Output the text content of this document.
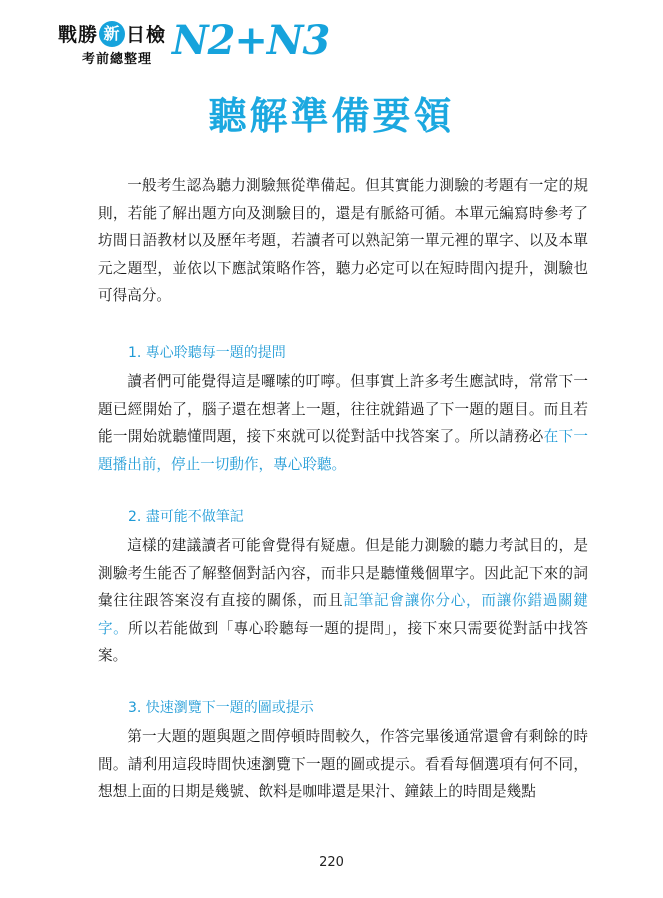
戰勝 新 日檢
考前總整理 N2+N3
聽解準備要領

一般考生認為聽力測驗無從準備起。但其實能力測驗的考題有一定的規則，若能了解出題方向及測驗目的，還是有脈絡可循。本單元編寫時參考了坊間日語教材以及歷年考題，若讀者可以熟記第一單元裡的單字、以及本單元之題型，並依以下應試策略作答，聽力必定可以在短時間內提升，測驗也可得高分。

1. 專心聆聽每一題的提問

讀者們可能覺得這是囉嗦的叮嚀。但事實上許多考生應試時，常常下一題已經開始了，腦子還在想著上一題，往往就錯過了下一題的題目。而且若能一開始就聽懂問題，接下來就可以從對話中找答案了。所以請務必在下一題播出前，停止一切動作，專心聆聽。

2. 盡可能不做筆記

這樣的建議讀者可能會覺得有疑慮。但是能力測驗的聽力考試目的，是測驗考生能否了解整個對話內容，而非只是聽懂幾個單字。因此記下來的詞彙往往跟答案沒有直接的關係，而且記筆記會讓你分心，而讓你錯過關鍵字。所以若能做到「專心聆聽每一題的提問」，接下來只需要從對話中找答案。

3. 快速瀏覽下一題的圖或提示

第一大題的題與題之間停頓時間較久，作答完畢後通常還會有剩餘的時間。請利用這段時間快速瀏覽下一題的圖或提示。看看每個選項有何不同，想想上面的日期是幾號、飲料是咖啡還是果汁、鐘錶上的時間是幾點

220
